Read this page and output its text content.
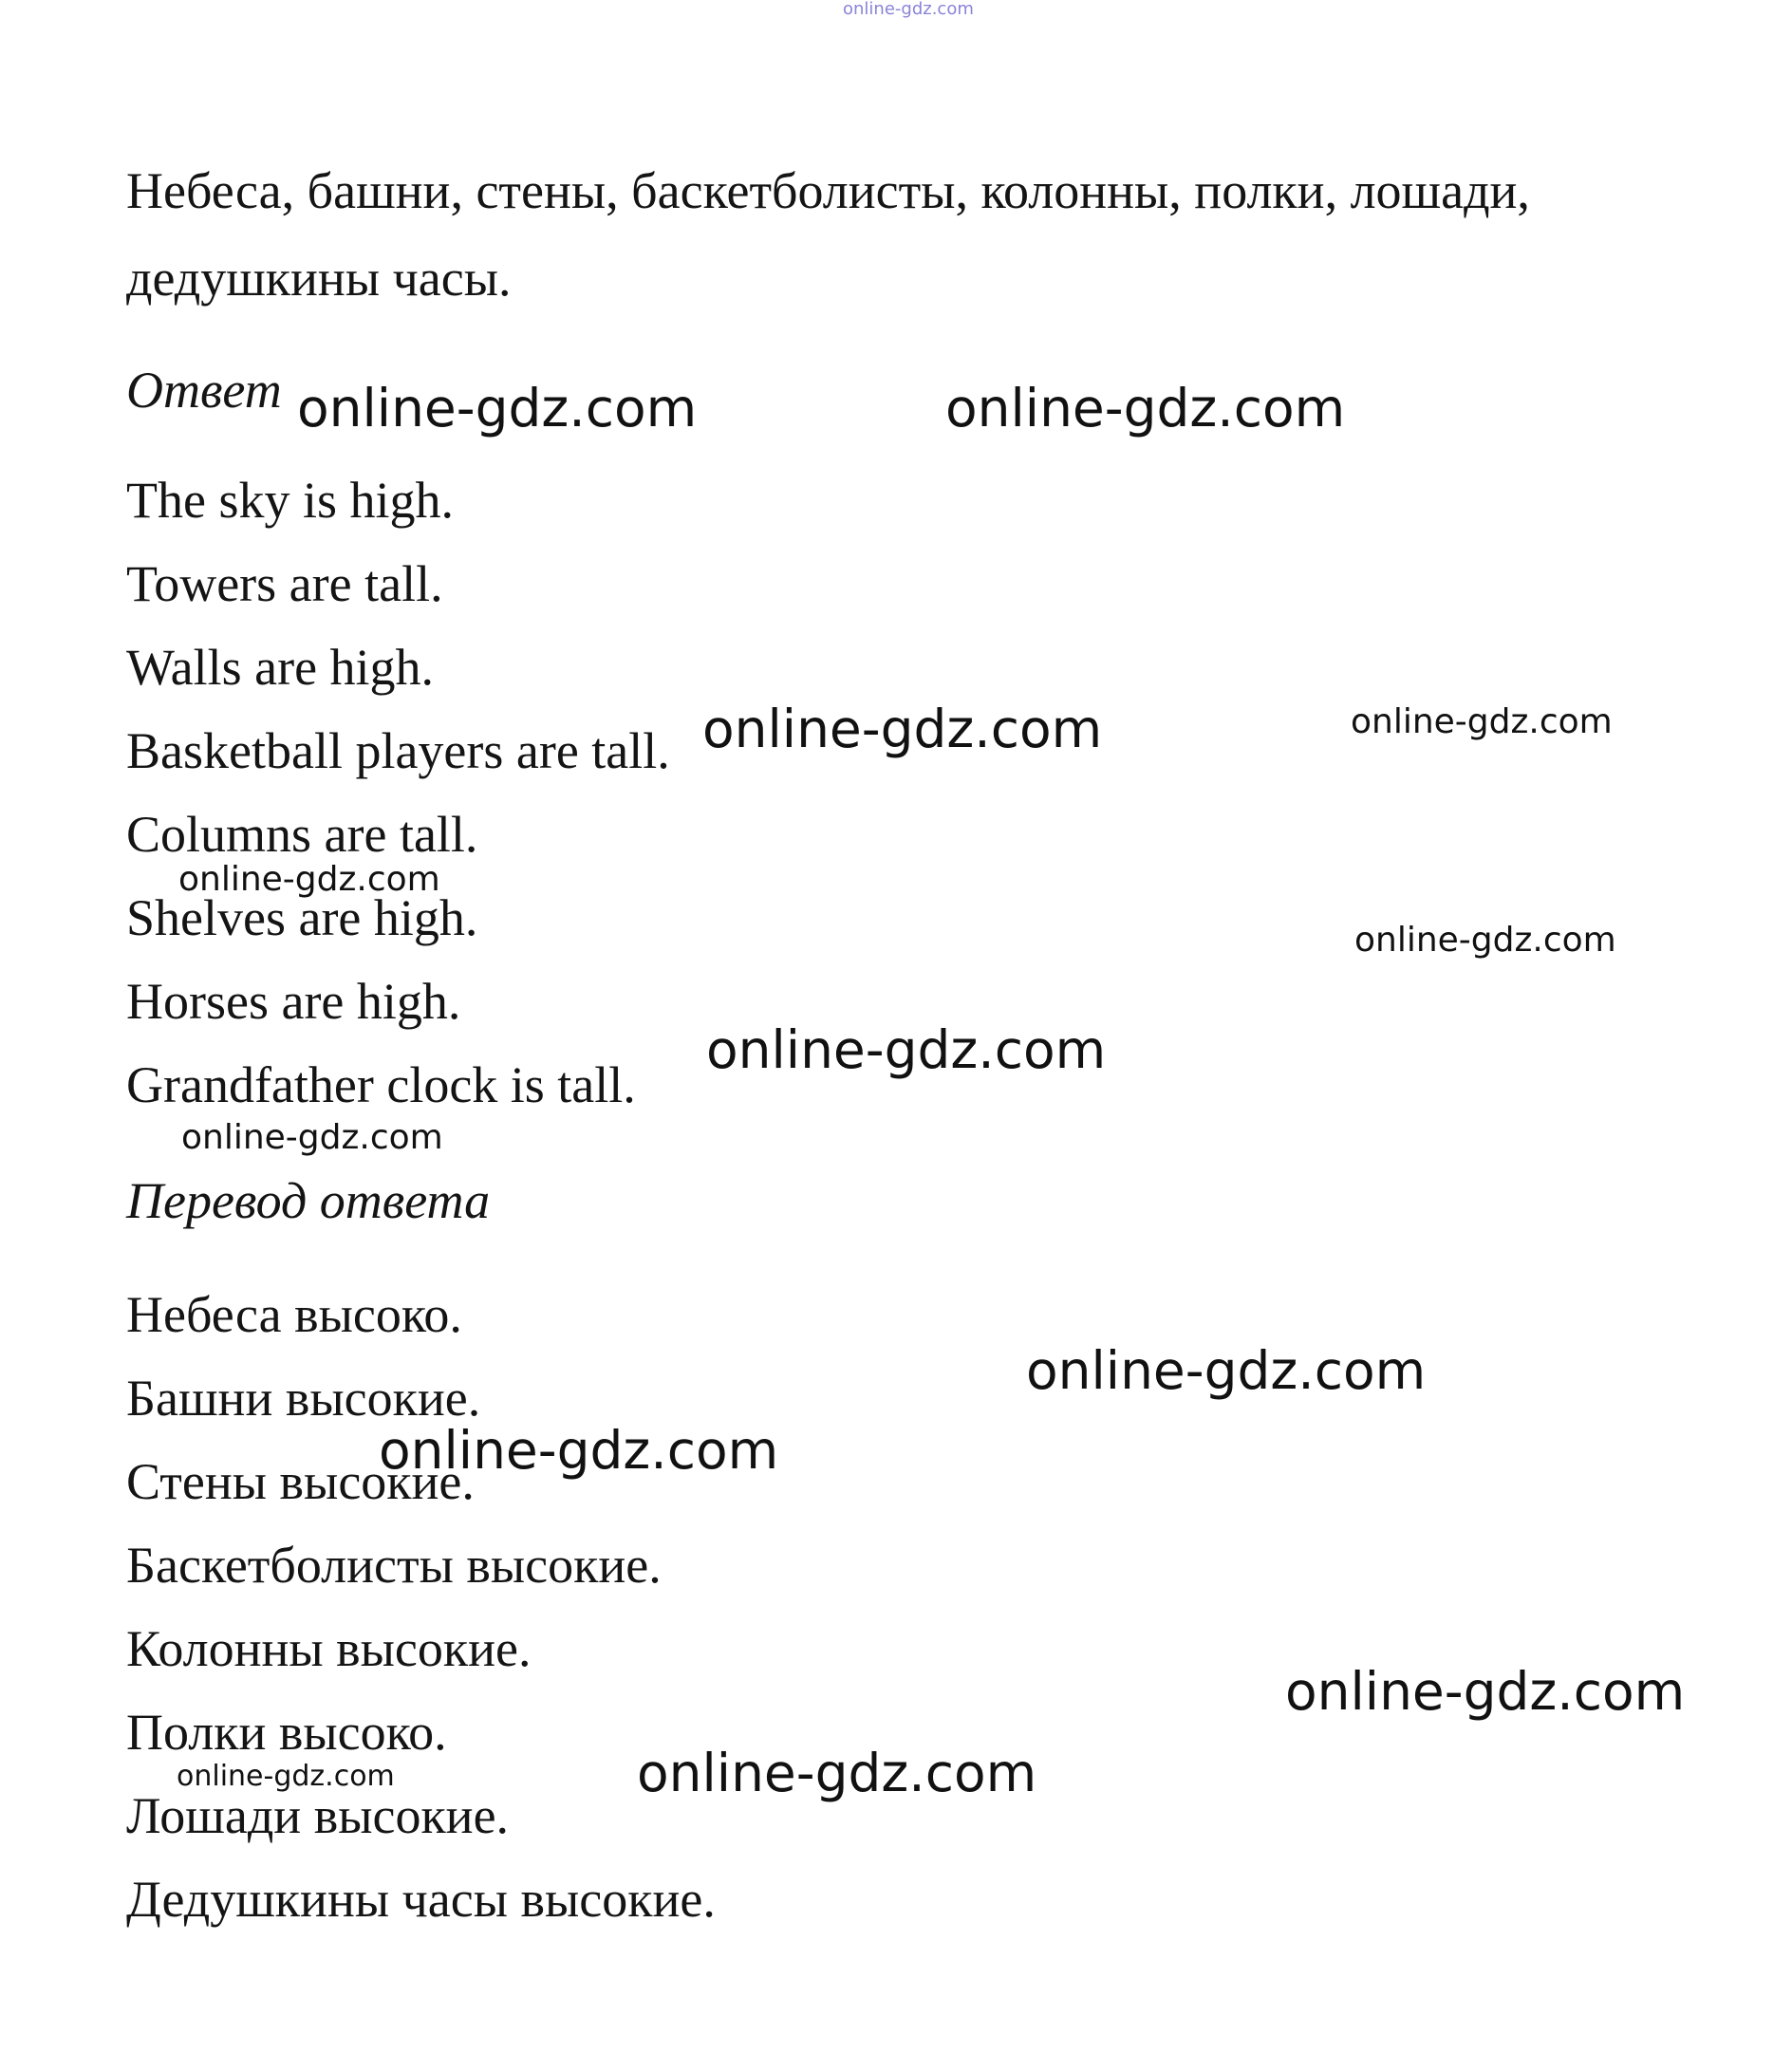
online-gdz.com
Небеса, башни, стены, баскетболисты, колонны, полки, лошади,
дедушкины часы.
Ответ
The sky is high.
Towers are tall.
Walls are high.
Basketball players are tall.
Columns are tall.
Shelves are high.
Horses are high.
Grandfather clock is tall.
Перевод ответа
Небеса высоко.
Башни высокие.
Стены высокие.
Баскетболисты высокие.
Колонны высокие.
Полки высоко.
Лошади высокие.
Дедушкины часы высокие.
online-gdz.com	online-gdz.com
online-gdz.com	online-gdz.com
online-gdz.com
online-gdz.com
online-gdz.com
online-gdz.com
online-gdz.com
online-gdz.com
online-gdz.com
online-gdz.com	online-gdz.com
